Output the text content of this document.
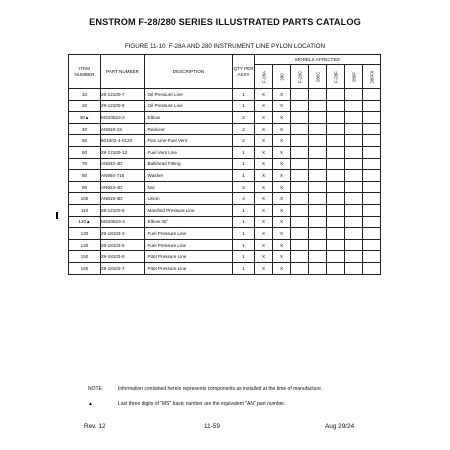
ENSTROM F-28/280 SERIES ILLUSTRATED PARTS CATALOG
FIGURE 11-10. F-28A AND 280 INSTRUMENT LINE PYLON LOCATION
ITEM NUMBER	PART NUMBER	DESCRIPTION	QTY PER ASSY	MODELS AFFECTED						

				F-28A	280	F-28C	280C	F-28F	280F	280FX

10	28-12100-7	. Oil Pressure Line	1	X	X					
20	28-12100-9	. Oil Pressure Line	1	X	X					
30▲	MS20822-2	. Elbow	2	X	X					
40	AN919-1S	. Reducer	2	X	X					
50	601002-4-0120	. Flex Line-Fuel Vent	2	X	X					
60	28-12100-13	. Fuel Vent Line	1	X	X					
70	AN832-4D	. Bulkhead Fitting	1	X	X					
80	AN960-716	. Washer	1	X	X					
90	AN924-4D	. Nut	2	X	X					
100	AN815-4D	. Union	4	X	X					
110	28-12100-6	. Manifold Pressure Line	1	X	X					
120▲	MS20823-4	. Elbow 45°	1	X	X					
130	28-18103-3	. Fuel Pressure Line	1	X	X					
140	28-18103-5	. Fuel Pressure Line	1	X	X					
150	28-18103-6	. Pitot Pressure Line	1	X	X					
160	28-18103-7	. Pitot Pressure Line	1	X	X					
NOTE:	Information contained herein represents components as installed at the time of manufacture.
▲	Last three digits of "MS" basic number are the equivalent "AN" part number.
Rev. 12	11-59	Aug 29/24
